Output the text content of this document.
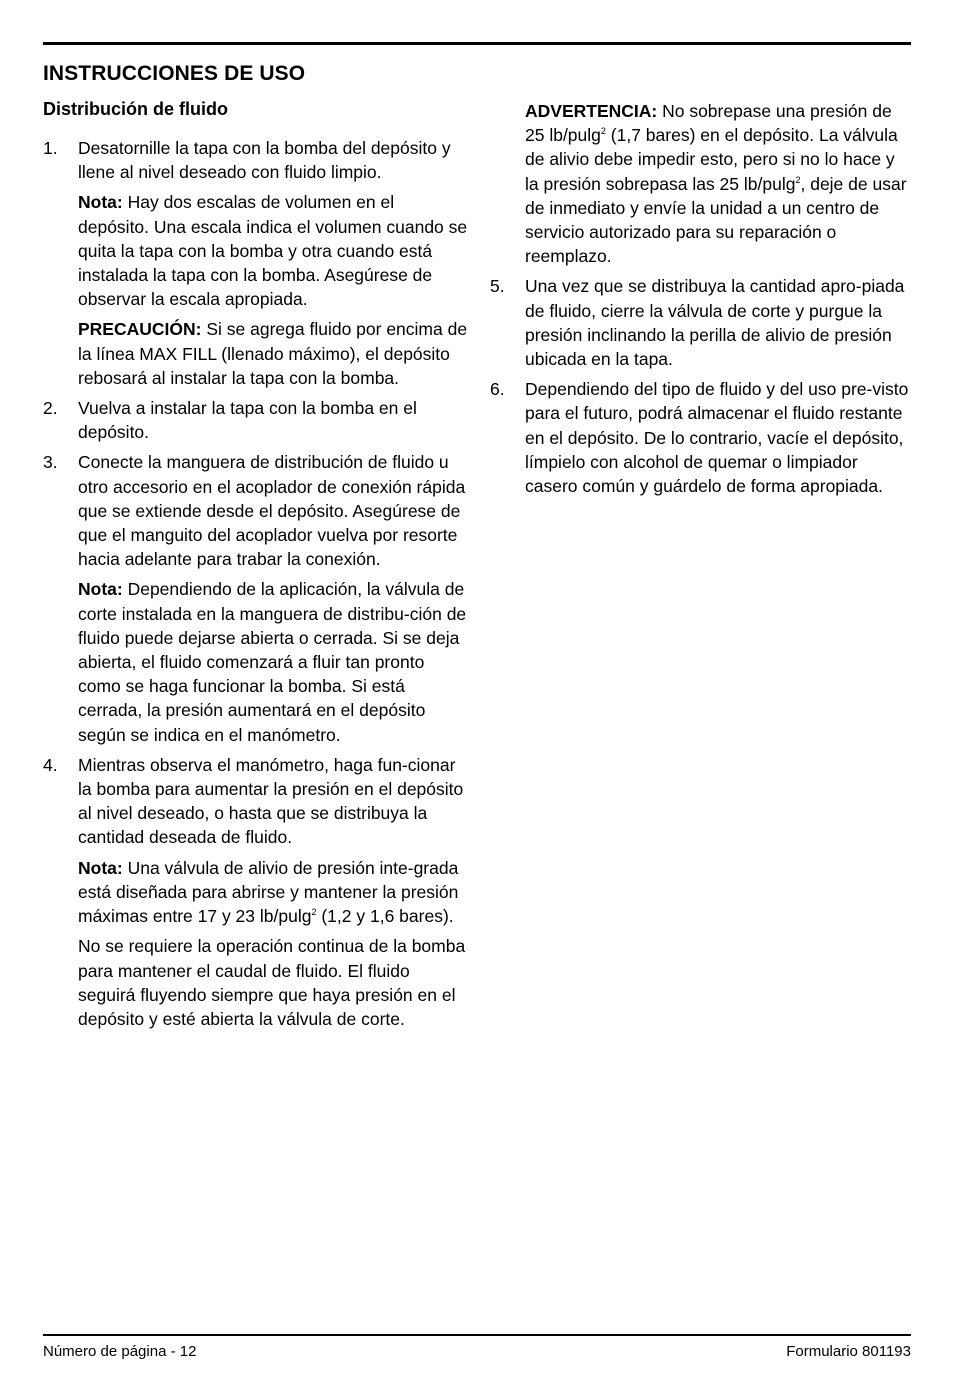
INSTRUCCIONES DE USO
Distribución de fluido
1. Desatornille la tapa con la bomba del depósito y llene al nivel deseado con fluido limpio.
Nota: Hay dos escalas de volumen en el depósito. Una escala indica el volumen cuando se quita la tapa con la bomba y otra cuando está instalada la tapa con la bomba. Asegúrese de observar la escala apropiada.
PRECAUCIÓN: Si se agrega fluido por encima de la línea MAX FILL (llenado máximo), el depósito rebosará al instalar la tapa con la bomba.
2. Vuelva a instalar la tapa con la bomba en el depósito.
3. Conecte la manguera de distribución de fluido u otro accesorio en el acoplador de conexión rápida que se extiende desde el depósito. Asegúrese de que el manguito del acoplador vuelva por resorte hacia adelante para trabar la conexión.
Nota: Dependiendo de la aplicación, la válvula de corte instalada en la manguera de distribu-ción de fluido puede dejarse abierta o cerrada. Si se deja abierta, el fluido comenzará a fluir tan pronto como se haga funcionar la bomba. Si está cerrada, la presión aumentará en el depósito según se indica en el manómetro.
4. Mientras observa el manómetro, haga fun-cionar la bomba para aumentar la presión en el depósito al nivel deseado, o hasta que se distribuya la cantidad deseada de fluido.
Nota: Una válvula de alivio de presión inte-grada está diseñada para abrirse y mantener la presión máximas entre 17 y 23 lb/pulg$^2$ (1,2 y 1,6 bares).
No se requiere la operación continua de la bomba para mantener el caudal de fluido. El fluido seguirá fluyendo siempre que haya presión en el depósito y esté abierta la válvula de corte.
ADVERTENCIA: No sobrepase una presión de 25 lb/pulg$^2$ (1,7 bares) en el depósito. La válvula de alivio debe impedir esto, pero si no lo hace y la presión sobrepasa las 25 lb/pulg$^2$, deje de usar de inmediato y envíe la unidad a un centro de servicio autorizado para su reparación o reemplazo.
5. Una vez que se distribuya la cantidad apro-piada de fluido, cierre la válvula de corte y purgue la presión inclinando la perilla de alivio de presión ubicada en la tapa.
6. Dependiendo del tipo de fluido y del uso pre-visto para el futuro, podrá almacenar el fluido restante en el depósito. De lo contrario, vacíe el depósito, límpielo con alcohol de quemar o limpiador casero común y guárdelo de forma apropiada.
Número de página - 12	Formulario 801193
